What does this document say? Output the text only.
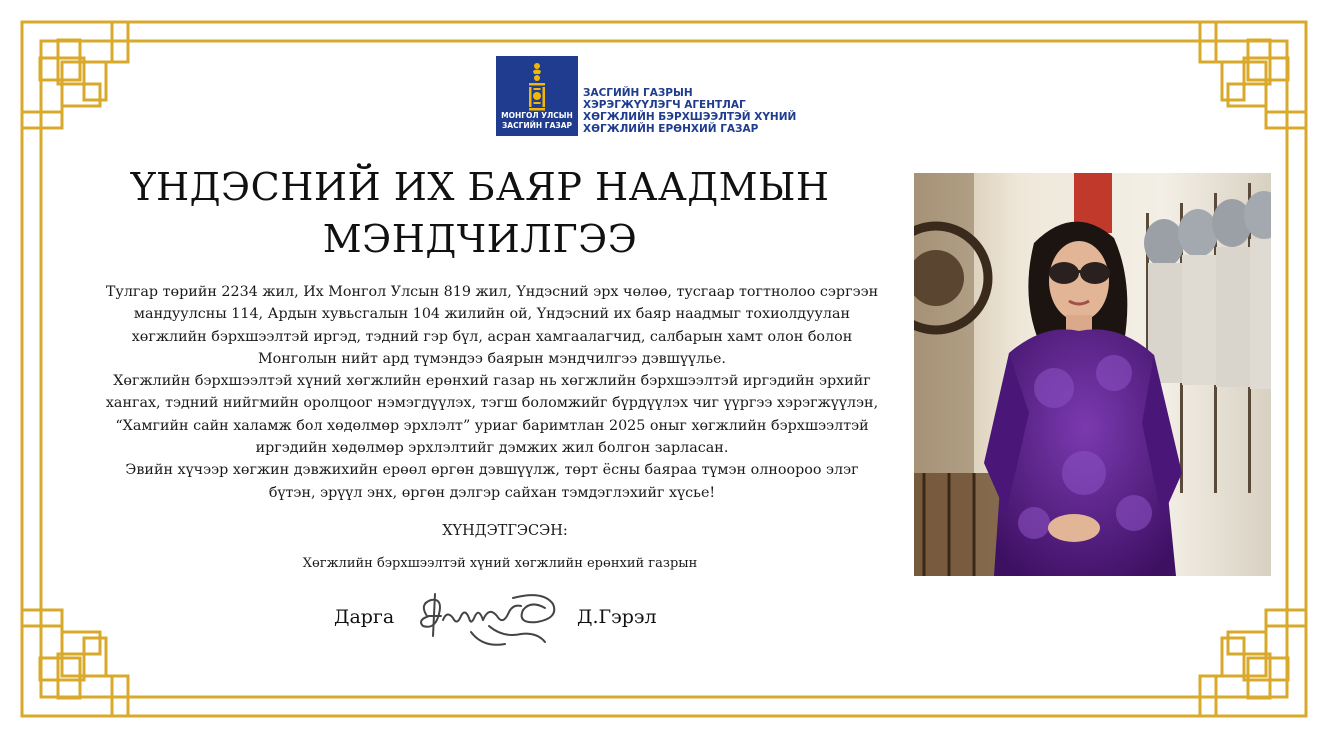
МОНГОЛ УЛСЫН
ЗАСГИЙН ГАЗАР
ЗАСГИЙН ГАЗРЫН
ХЭРЭГЖҮҮЛЭГЧ АГЕНТЛАГ
ХӨГЖЛИЙН БЭРХШЭЭЛТЭЙ ХҮНИЙ
ХӨГЖЛИЙН ЕРӨНХИЙ ГАЗАР
ҮНДЭСНИЙ ИХ БАЯР НААДМЫН
МЭНДЧИЛГЭЭ

Тулгар төрийн 2234 жил, Их Монгол Улсын 819 жил, Үндэсний эрх чөлөө, тусгаар тогтнолоо сэргээн

мандуулсны 114, Ардын хувьсгалын 104 жилийн ой, Үндэсний их баяр наадмыг тохиолдуулан

хөгжлийн бэрхшээлтэй иргэд, тэдний гэр бүл, асран хамгаалагчид, салбарын хамт олон болон

Монголын нийт ард түмэндээ баярын мэндчилгээ дэвшүүлье.

Хөгжлийн бэрхшээлтэй хүний хөгжлийн ерөнхий газар нь хөгжлийн бэрхшээлтэй иргэдийн эрхийг

хангах, тэдний нийгмийн оролцоог нэмэгдүүлэх, тэгш боломжийг бүрдүүлэх чиг үүргээ хэрэгжүүлэн,

“Хамгийн сайн халамж бол хөдөлмөр эрхлэлт” уриаг баримтлан 2025 оныг хөгжлийн бэрхшээлтэй

иргэдийн хөдөлмөр эрхлэлтийг дэмжих жил болгон зарласан.

Эвийн хүчээр хөгжин дэвжихийн ерөөл өргөн дэвшүүлж, төрт ёсны баяраа түмэн олноороо элэг

бүтэн, эрүүл энх, өргөн дэлгэр сайхан тэмдэглэхийг хүсье!

ХҮНДЭТГЭСЭН:
Хөгжлийн бэрхшээлтэй хүний хөгжлийн ерөнхий газрын
Дарга	Д.Гэрэл
